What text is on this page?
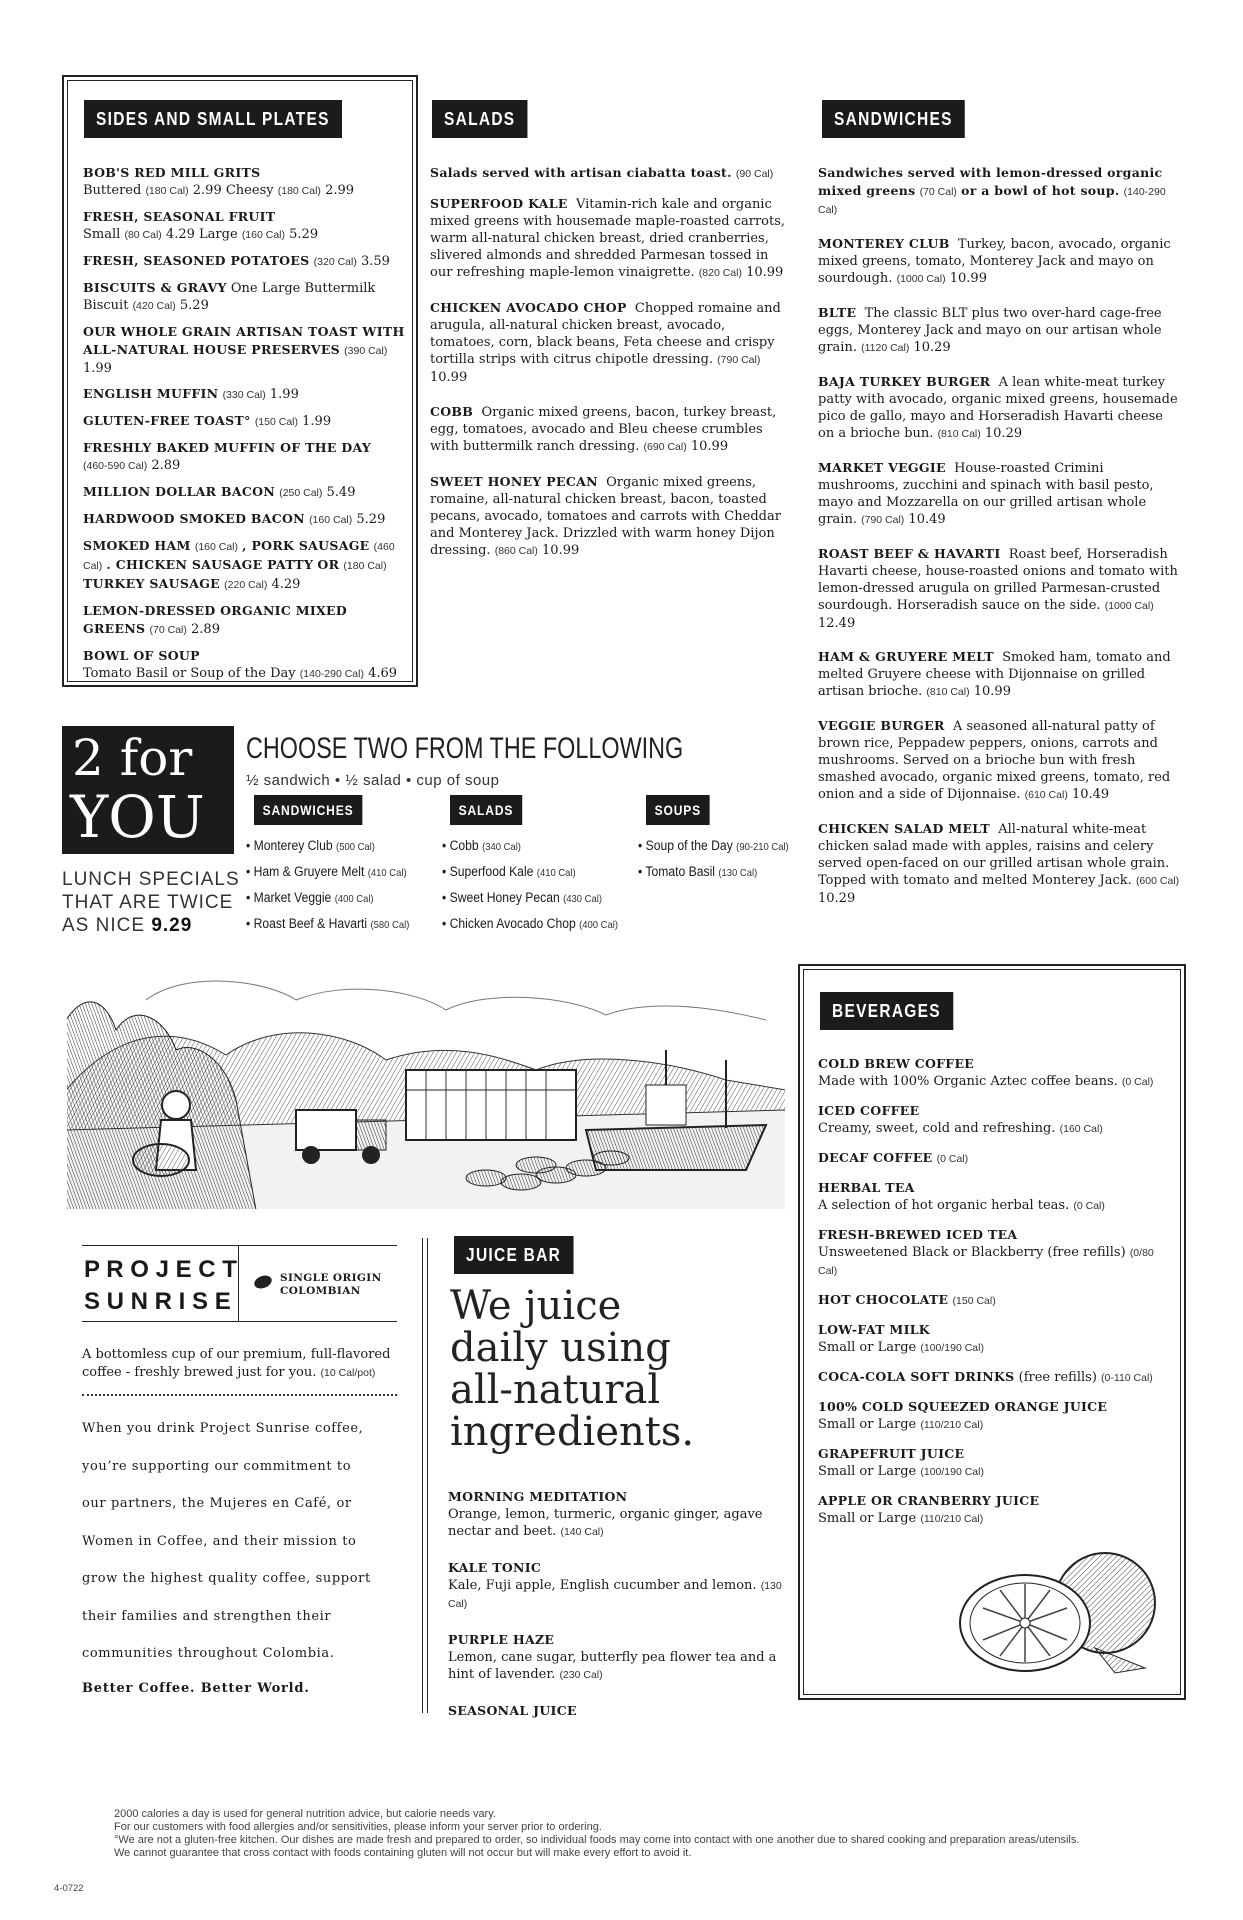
SIDES AND SMALL PLATES
BOB'S RED MILL GRITS
Buttered (180 Cal) 2.99 Cheesy (180 Cal) 2.99
FRESH, SEASONAL FRUIT
Small (80 Cal) 4.29 Large (160 Cal) 5.29
FRESH, SEASONED POTATOES (320 Cal) 3.59
BISCUITS & GRAVY One Large Buttermilk
Biscuit (420 Cal) 5.29
OUR WHOLE GRAIN ARTISAN TOAST WITH
ALL-NATURAL HOUSE PRESERVES (390 Cal) 1.99
ENGLISH MUFFIN (330 Cal) 1.99
GLUTEN-FREE TOAST° (150 Cal) 1.99
FRESHLY BAKED MUFFIN OF THE DAY
(460-590 Cal) 2.89
MILLION DOLLAR BACON (250 Cal) 5.49
HARDWOOD SMOKED BACON (160 Cal) 5.29
SMOKED HAM (160 Cal) , PORK SAUSAGE (460
Cal) . CHICKEN SAUSAGE PATTY OR (180 Cal)
TURKEY SAUSAGE (220 Cal) 4.29
LEMON-DRESSED ORGANIC MIXED
GREENS (70 Cal) 2.89
BOWL OF SOUP
Tomato Basil or Soup of the Day (140-290 Cal) 4.69
SALADS
Salads served with artisan ciabatta toast. (90 Cal)
SUPERFOOD KALE Vitamin-rich kale and organic mixed greens with housemade maple-roasted carrots, warm all-natural chicken breast, dried cranberries, slivered almonds and shredded Parmesan tossed in our refreshing maple-lemon vinaigrette. (820 Cal) 10.99
CHICKEN AVOCADO CHOP Chopped romaine and arugula, all-natural chicken breast, avocado, tomatoes, corn, black beans, Feta cheese and crispy tortilla strips with citrus chipotle dressing. (790 Cal) 10.99
COBB Organic mixed greens, bacon, turkey breast, egg, tomatoes, avocado and Bleu cheese crumbles with buttermilk ranch dressing. (690 Cal) 10.99
SWEET HONEY PECAN Organic mixed greens, romaine, all-natural chicken breast, bacon, toasted pecans, avocado, tomatoes and carrots with Cheddar and Monterey Jack. Drizzled with warm honey Dijon dressing. (860 Cal) 10.99
SANDWICHES
Sandwiches served with lemon-dressed organic mixed greens (70 Cal) or a bowl of hot soup. (140-290 Cal)
MONTEREY CLUB Turkey, bacon, avocado, organic mixed greens, tomato, Monterey Jack and mayo on sourdough. (1000 Cal) 10.99
BLTE The classic BLT plus two over-hard cage-free eggs, Monterey Jack and mayo on our artisan whole grain. (1120 Cal) 10.29
BAJA TURKEY BURGER A lean white-meat turkey patty with avocado, organic mixed greens, housemade pico de gallo, mayo and Horseradish Havarti cheese on a brioche bun. (810 Cal) 10.29
MARKET VEGGIE House-roasted Crimini mushrooms, zucchini and spinach with basil pesto, mayo and Mozzarella on our grilled artisan whole grain. (790 Cal) 10.49
ROAST BEEF & HAVARTI Roast beef, Horseradish Havarti cheese, house-roasted onions and tomato with lemon-dressed arugula on grilled Parmesan-crusted sourdough. Horseradish sauce on the side. (1000 Cal) 12.49
HAM & GRUYERE MELT Smoked ham, tomato and melted Gruyere cheese with Dijonnaise on grilled artisan brioche. (810 Cal) 10.99
VEGGIE BURGER A seasoned all-natural patty of brown rice, Peppadew peppers, onions, carrots and mushrooms. Served on a brioche bun with fresh smashed avocado, organic mixed greens, tomato, red onion and a side of Dijonnaise. (610 Cal) 10.49
CHICKEN SALAD MELT All-natural white-meat chicken salad made with apples, raisins and celery served open-faced on our grilled artisan whole grain. Topped with tomato and melted Monterey Jack. (600 Cal) 10.29
2 for
YOU
LUNCH SPECIALS
THAT ARE TWICE
AS NICE 9.29
CHOOSE TWO FROM THE FOLLOWING
½ sandwich • ½ salad • cup of soup
SANDWICHES
• Monterey Club (500 Cal)
• Ham & Gruyere Melt (410 Cal)
• Market Veggie (400 Cal)
• Roast Beef & Havarti (580 Cal)
SALADS
• Cobb (340 Cal)
• Superfood Kale (410 Cal)
• Sweet Honey Pecan (430 Cal)
• Chicken Avocado Chop (400 Cal)
SOUPS
• Soup of the Day (90-210 Cal)
• Tomato Basil (130 Cal)
BEVERAGES
COLD BREW COFFEE
Made with 100% Organic Aztec coffee beans. (0 Cal)
ICED COFFEE
Creamy, sweet, cold and refreshing. (160 Cal)
DECAF COFFEE (0 Cal)
HERBAL TEA
A selection of hot organic herbal teas. (0 Cal)
FRESH-BREWED ICED TEA
Unsweetened Black or Blackberry (free refills) (0/80 Cal)
HOT CHOCOLATE (150 Cal)
LOW-FAT MILK
Small or Large (100/190 Cal)
COCA-COLA SOFT DRINKS (free refills) (0-110 Cal)
100% COLD SQUEEZED ORANGE JUICE
Small or Large (110/210 Cal)
GRAPEFRUIT JUICE
Small or Large (100/190 Cal)
APPLE OR CRANBERRY JUICE
Small or Large (110/210 Cal)
P R O J E C T
S U N R I S E
SINGLE ORIGIN
COLOMBIAN
A bottomless cup of our premium, full-flavored coffee - freshly brewed just for you. (10 Cal/pot)
When you drink Project Sunrise coffee,
you’re supporting our commitment to
our partners, the Mujeres en Café, or
Women in Coffee, and their mission to
grow the highest quality coffee, support
their families and strengthen their
communities throughout Colombia.
Better Coffee. Better World.
JUICE BAR
We juice
daily using
all-natural
ingredients.
MORNING MEDITATION
Orange, lemon, turmeric, organic ginger, agave nectar and beet. (140 Cal)
KALE TONIC
Kale, Fuji apple, English cucumber and lemon. (130 Cal)
PURPLE HAZE
Lemon, cane sugar, butterfly pea flower tea and a hint of lavender. (230 Cal)
SEASONAL JUICE
4-0722
2000 calories a day is used for general nutrition advice, but calorie needs vary.
For our customers with food allergies and/or sensitivities, please inform your server prior to ordering.
°We are not a gluten-free kitchen. Our dishes are made fresh and prepared to order, so individual foods may come into contact with one another due to shared cooking and preparation areas/utensils.
We cannot guarantee that cross contact with foods containing gluten will not occur but will make every effort to avoid it.
